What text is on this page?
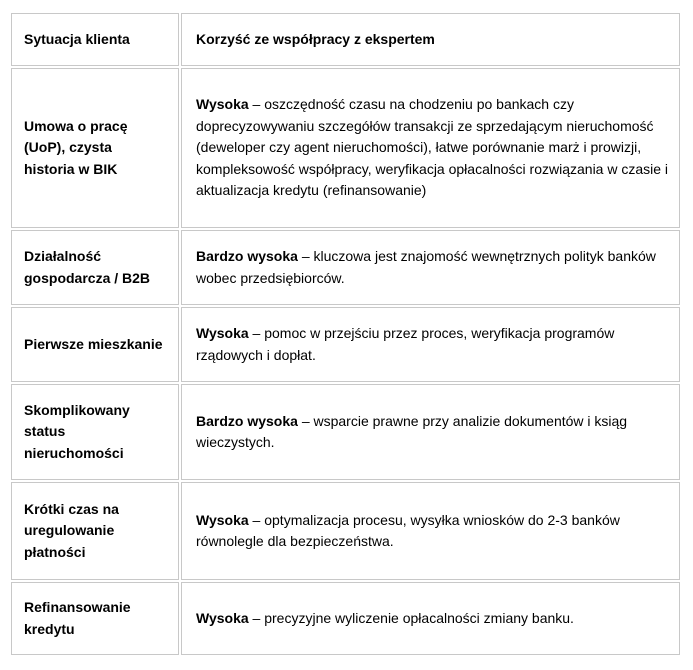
Sytuacja klienta	Korzyść ze współpracy z ekspertem
Umowa o pracę (UoP), czysta historia w BIK	Wysoka – oszczędność czasu na chodzeniu po bankach czy doprecyzowywaniu szczegółów transakcji ze sprzedającym nieruchomość (deweloper czy agent nieruchomości), łatwe porównanie marż i prowizji, kompleksowość współpracy, weryfikacja opłacalności rozwiązania w czasie i aktualizacja kredytu (refinansowanie)
Działalność gospodarcza / B2B	Bardzo wysoka – kluczowa jest znajomość wewnętrznych polityk banków wobec przedsiębiorców.
Pierwsze mieszkanie	Wysoka – pomoc w przejściu przez proces, weryfikacja programów rządowych i dopłat.
Skomplikowany status nieruchomości	Bardzo wysoka – wsparcie prawne przy analizie dokumentów i ksiąg wieczystych.
Krótki czas na uregulowanie płatności	Wysoka – optymalizacja procesu, wysyłka wniosków do 2-3 banków równolegle dla bezpieczeństwa.
Refinansowanie kredytu	Wysoka – precyzyjne wyliczenie opłacalności zmiany banku.
